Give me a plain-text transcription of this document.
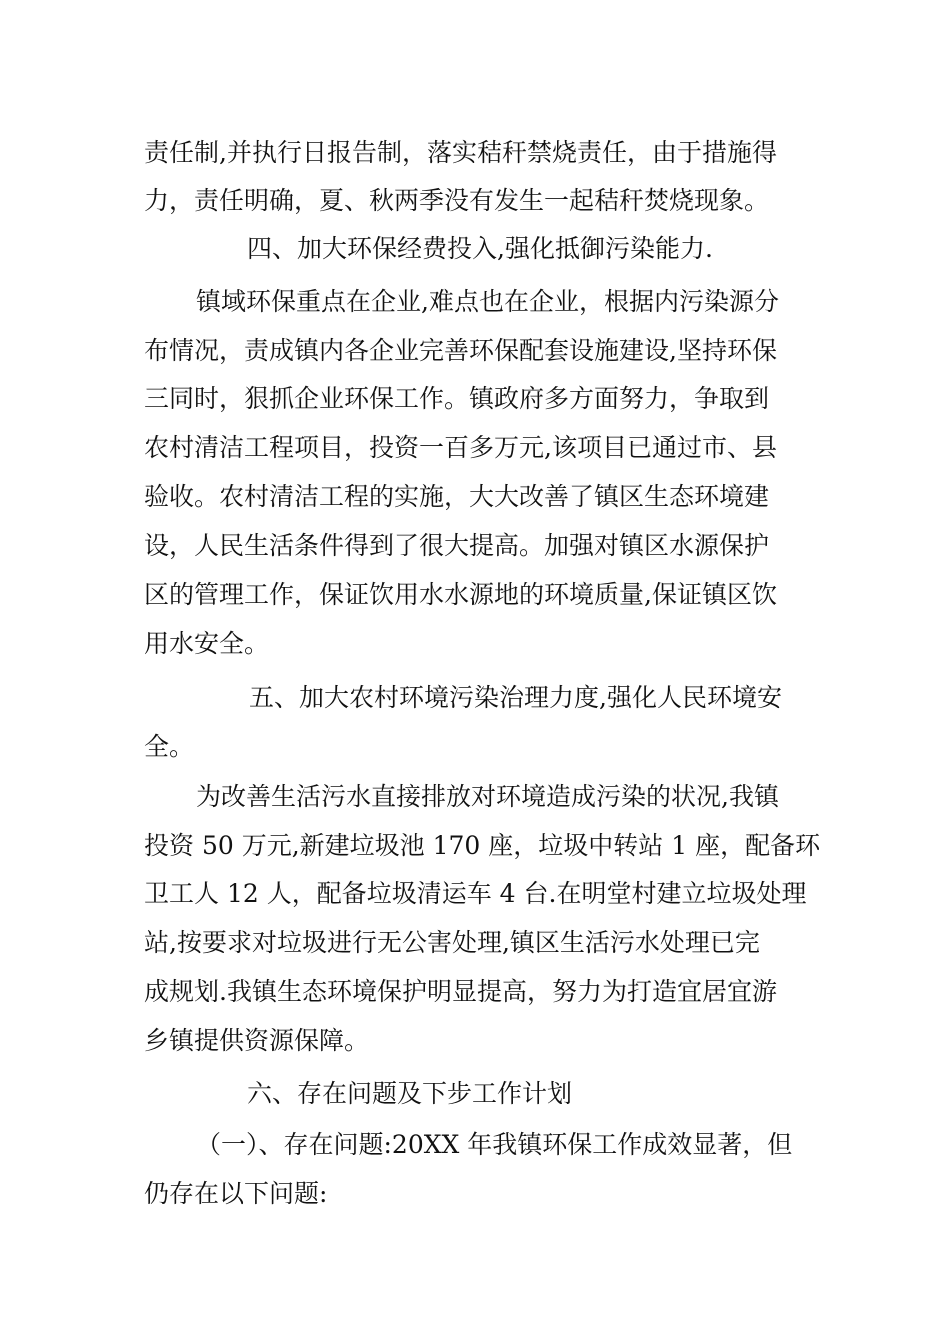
责任制,并执行日报告制，落实秸秆禁烧责任，由于措施得
力，责任明确，夏、秋两季没有发生一起秸秆焚烧现象。
四、加大环保经费投入,强化抵御污染能力.
镇域环保重点在企业,难点也在企业，根据内污染源分
布情况，责成镇内各企业完善环保配套设施建设,坚持环保
三同时，狠抓企业环保工作。镇政府多方面努力，争取到
农村清洁工程项目，投资一百多万元,该项目已通过市、县
验收。农村清洁工程的实施，大大改善了镇区生态环境建
设，人民生活条件得到了很大提高。加强对镇区水源保护
区的管理工作，保证饮用水水源地的环境质量,保证镇区饮
用水安全。
五、加大农村环境污染治理力度,强化人民环境安
全。
为改善生活污水直接排放对环境造成污染的状况,我镇
投资 50 万元,新建垃圾池 170 座，垃圾中转站 1 座，配备环
卫工人 12 人，配备垃圾清运车 4 台.在明堂村建立垃圾处理
站,按要求对垃圾进行无公害处理,镇区生活污水处理已完
成规划.我镇生态环境保护明显提高，努力为打造宜居宜游
乡镇提供资源保障。
六、存在问题及下步工作计划
（一）、存在问题:20XX 年我镇环保工作成效显著，但
仍存在以下问题:
